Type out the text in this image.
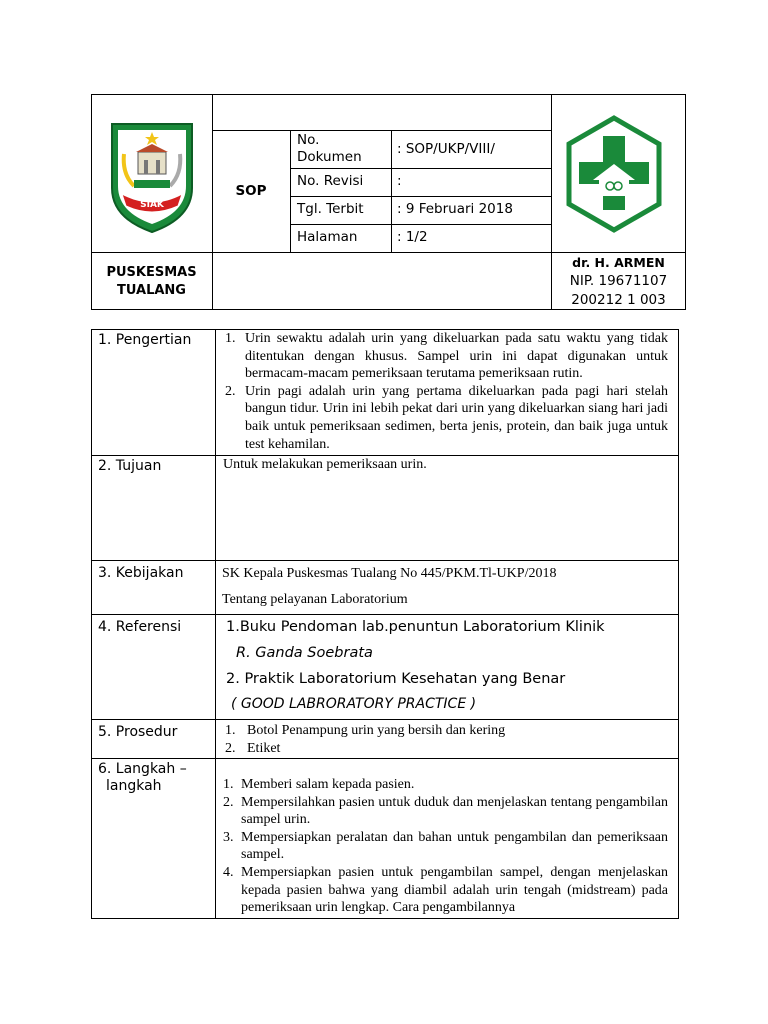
SIAK
SOP
No. Dokumen	: SOP/UKP/VIII/
No. Revisi :
Tgl. Terbit : 9 Februari 2018
Halaman	: 1/2
PUSKESMAS
TUALANG
dr. H. ARMEN
NIP. 19671107
200212 1 003
1. Pengertian 1. Urin sewaktu adalah urin yang dikeluarkan pada satu waktu yang tidak ditentukan dengan khusus. Sampel urin ini dapat digunakan untuk bermacam-macam pemeriksaan terutama pemeriksaan rutin.
2. Urin pagi adalah urin yang pertama dikeluarkan pada pagi hari stelah bangun tidur. Urin ini lebih pekat dari urin yang dikeluarkan siang hari jadi baik untuk pemeriksaan sedimen, berta jenis, protein, dan baik juga untuk test kehamilan.
2. Tujuan	Untuk melakukan pemeriksaan urin.
3. Kebijakan	SK Kepala Puskesmas Tualang No 445/PKM.Tl-UKP/2018
Tentang pelayanan Laboratorium
4. Referensi	1.Buku Pendoman lab.penuntun Laboratorium Klinik
R. Ganda Soebrata
2. Praktik Laboratorium Kesehatan yang Benar
( GOOD LABRORATORY PRACTICE )
5. Prosedur	1. Botol Penampung urin yang bersih dan kering
2. Etiket
6. Langkah –
langkah	1. Memberi salam kepada pasien.
2. Mempersilahkan pasien untuk duduk dan menjelaskan tentang pengambilan sampel urin.
3. Mempersiapkan peralatan dan bahan untuk pengambilan dan pemeriksaan sampel.
4. Mempersiapkan pasien untuk pengambilan sampel, dengan menjelaskan kepada pasien bahwa yang diambil adalah urin tengah (midstream) pada pemeriksaan urin lengkap. Cara pengambilannya
